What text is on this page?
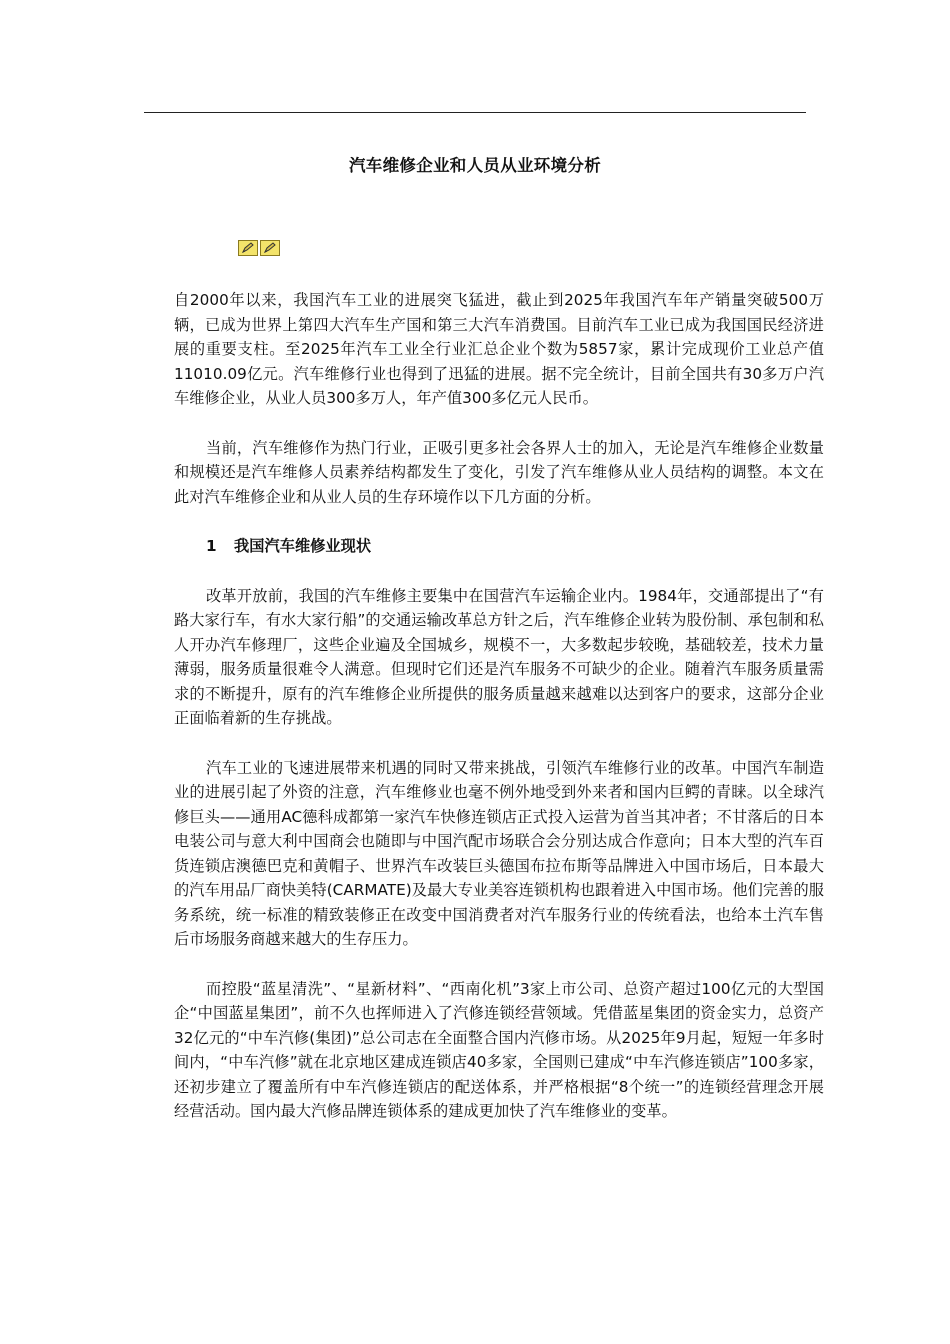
汽车维修企业和人员从业环境分析

自2000年以来，我国汽车工业的进展突飞猛进，截止到2025年我国汽车年产销量突破500万辆，已成为世界上第四大汽车生产国和第三大汽车消费国。目前汽车工业已成为我国国民经济进展的重要支柱。至2025年汽车工业全行业汇总企业个数为5857家，累计完成现价工业总产值11010.09亿元。汽车维修行业也得到了迅猛的进展。据不完全统计，目前全国共有30多万户汽车维修企业，从业人员300多万人，年产值300多亿元人民币。

当前，汽车维修作为热门行业，正吸引更多社会各界人士的加入，无论是汽车维修企业数量和规模还是汽车维修人员素养结构都发生了变化，引发了汽车维修从业人员结构的调整。本文在此对汽车维修企业和从业人员的生存环境作以下几方面的分析。

1 我国汽车维修业现状

改革开放前，我国的汽车维修主要集中在国营汽车运输企业内。1984年，交通部提出了“有路大家行车，有水大家行船”的交通运输改革总方针之后，汽车维修企业转为股份制、承包制和私人开办汽车修理厂，这些企业遍及全国城乡，规模不一，大多数起步较晚，基础较差，技术力量薄弱，服务质量很难令人满意。但现时它们还是汽车服务不可缺少的企业。随着汽车服务质量需求的不断提升，原有的汽车维修企业所提供的服务质量越来越难以达到客户的要求，这部分企业正面临着新的生存挑战。

汽车工业的飞速进展带来机遇的同时又带来挑战，引领汽车维修行业的改革。中国汽车制造业的进展引起了外资的注意，汽车维修业也毫不例外地受到外来者和国内巨鳄的青睐。以全球汽修巨头——通用AC德科成都第一家汽车快修连锁店正式投入运营为首当其冲者；不甘落后的日本电装公司与意大利中国商会也随即与中国汽配市场联合会分别达成合作意向；日本大型的汽车百货连锁店澳德巴克和黄帽子、世界汽车改装巨头德国布拉布斯等品牌进入中国市场后，日本最大的汽车用品厂商快美特(CARMATE)及最大专业美容连锁机构也跟着进入中国市场。他们完善的服务系统，统一标准的精致装修正在改变中国消费者对汽车服务行业的传统看法，也给本土汽车售后市场服务商越来越大的生存压力。

而控股“蓝星清洗”、“星新材料”、“西南化机”3家上市公司、总资产超过100亿元的大型国企“中国蓝星集团”，前不久也挥师进入了汽修连锁经营领域。凭借蓝星集团的资金实力，总资产32亿元的“中车汽修(集团)”总公司志在全面整合国内汽修市场。从2025年9月起，短短一年多时间内，“中车汽修”就在北京地区建成连锁店40多家，全国则已建成“中车汽修连锁店”100多家，还初步建立了覆盖所有中车汽修连锁店的配送体系，并严格根据“8个统一”的连锁经营理念开展经营活动。国内最大汽修品牌连锁体系的建成更加快了汽车维修业的变革。
